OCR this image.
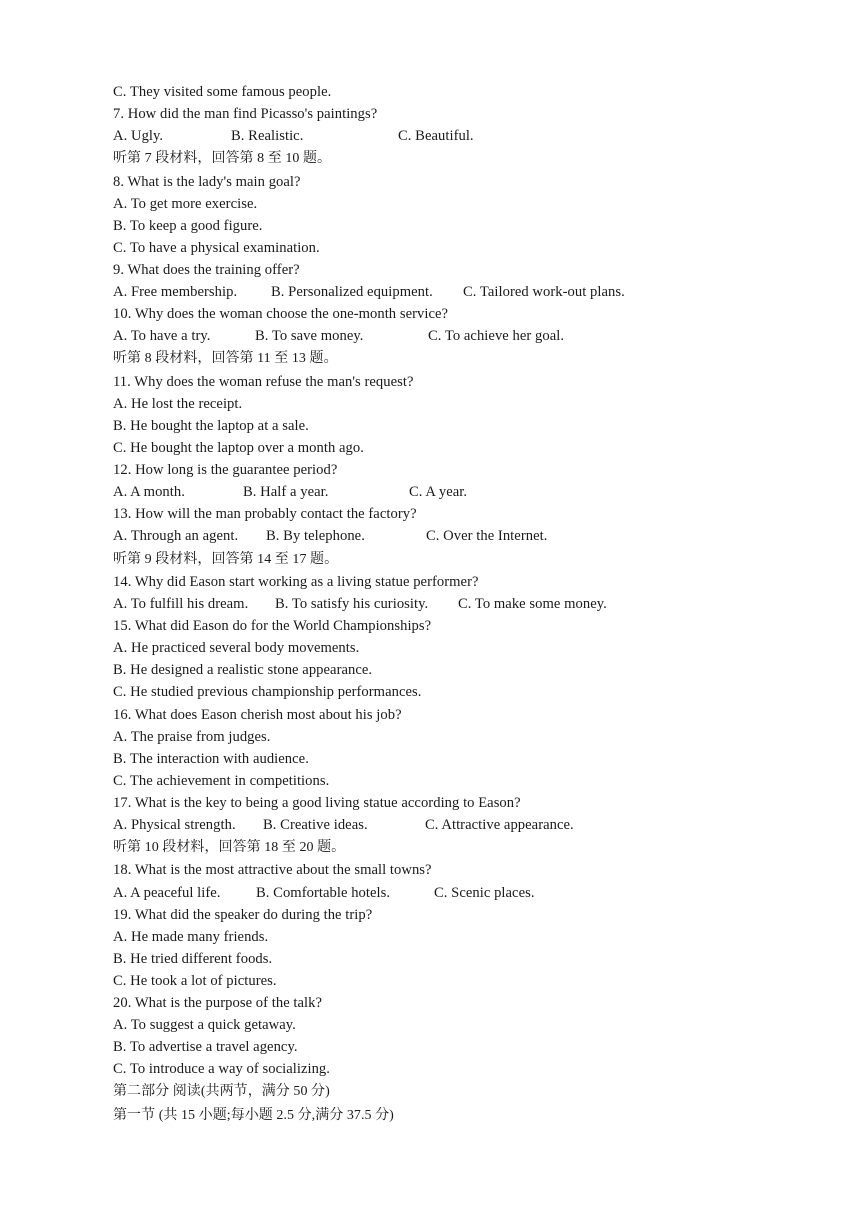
C. They visited some famous people.
7. How did the man find Picasso's paintings?
A. Ugly.	B. Realistic.	C. Beautiful.
听第 7 段材料，回答第 8 至 10 题。
8. What is the lady's main goal?
A. To get more exercise.
B. To keep a good figure.
C. To have a physical examination.
9. What does the training offer?
A. Free membership. B. Personalized equipment. C. Tailored work-out plans.
10. Why does the woman choose the one-month service?
A. To have a try.	B. To save money.	C. To achieve her goal.
听第 8 段材料，回答第 11 至 13 题。
11. Why does the woman refuse the man's request?
A. He lost the receipt.
B. He bought the laptop at a sale.
C. He bought the laptop over a month ago.
12. How long is the guarantee period?
A. A month.	B. Half a year.	C. A year.
13. How will the man probably contact the factory?
A. Through an agent. B. By telephone.	C. Over the Internet.
听第 9 段材料，回答第 14 至 17 题。
14. Why did Eason start working as a living statue performer?
A. To fulfill his dream. B. To satisfy his curiosity. C. To make some money.
15. What did Eason do for the World Championships?
A. He practiced several body movements.
B. He designed a realistic stone appearance.
C. He studied previous championship performances.
16. What does Eason cherish most about his job?
A. The praise from judges.
B. The interaction with audience.
C. The achievement in competitions.
17. What is the key to being a good living statue according to Eason?
A. Physical strength. B. Creative ideas.	C. Attractive appearance.
听第 10 段材料，回答第 18 至 20 题。
18. What is the most attractive about the small towns?
A. A peaceful life. B. Comfortable hotels.	C. Scenic places.
19. What did the speaker do during the trip?
A. He made many friends.
B. He tried different foods.
C. He took a lot of pictures.
20. What is the purpose of the talk?
A. To suggest a quick getaway.
B. To advertise a travel agency.
C. To introduce a way of socializing.
第二部分 阅读(共两节，满分 50 分)
第一节 (共 15 小题;每小题 2.5 分,满分 37.5 分)
